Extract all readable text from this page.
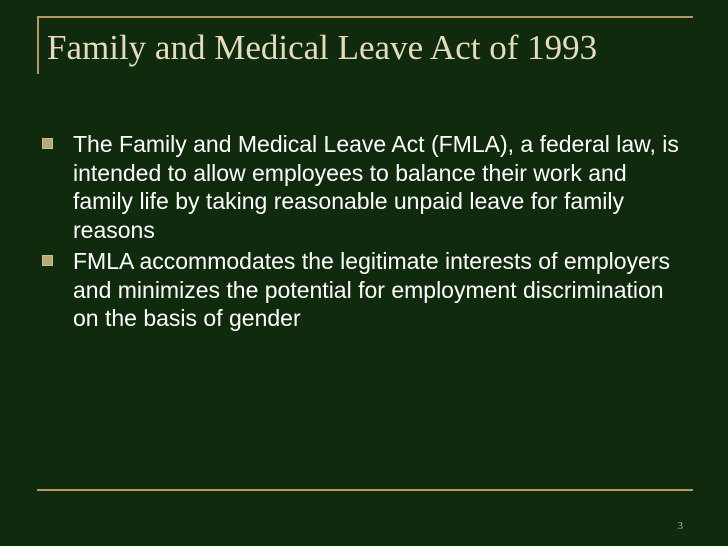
Family and Medical Leave Act of 1993
The Family and Medical Leave Act (FMLA), a federal law, is intended to allow employees to balance their work and family life by taking reasonable unpaid leave for family reasons
FMLA accommodates the legitimate interests of employers and minimizes the potential for employment discrimination on the basis of gender
3
